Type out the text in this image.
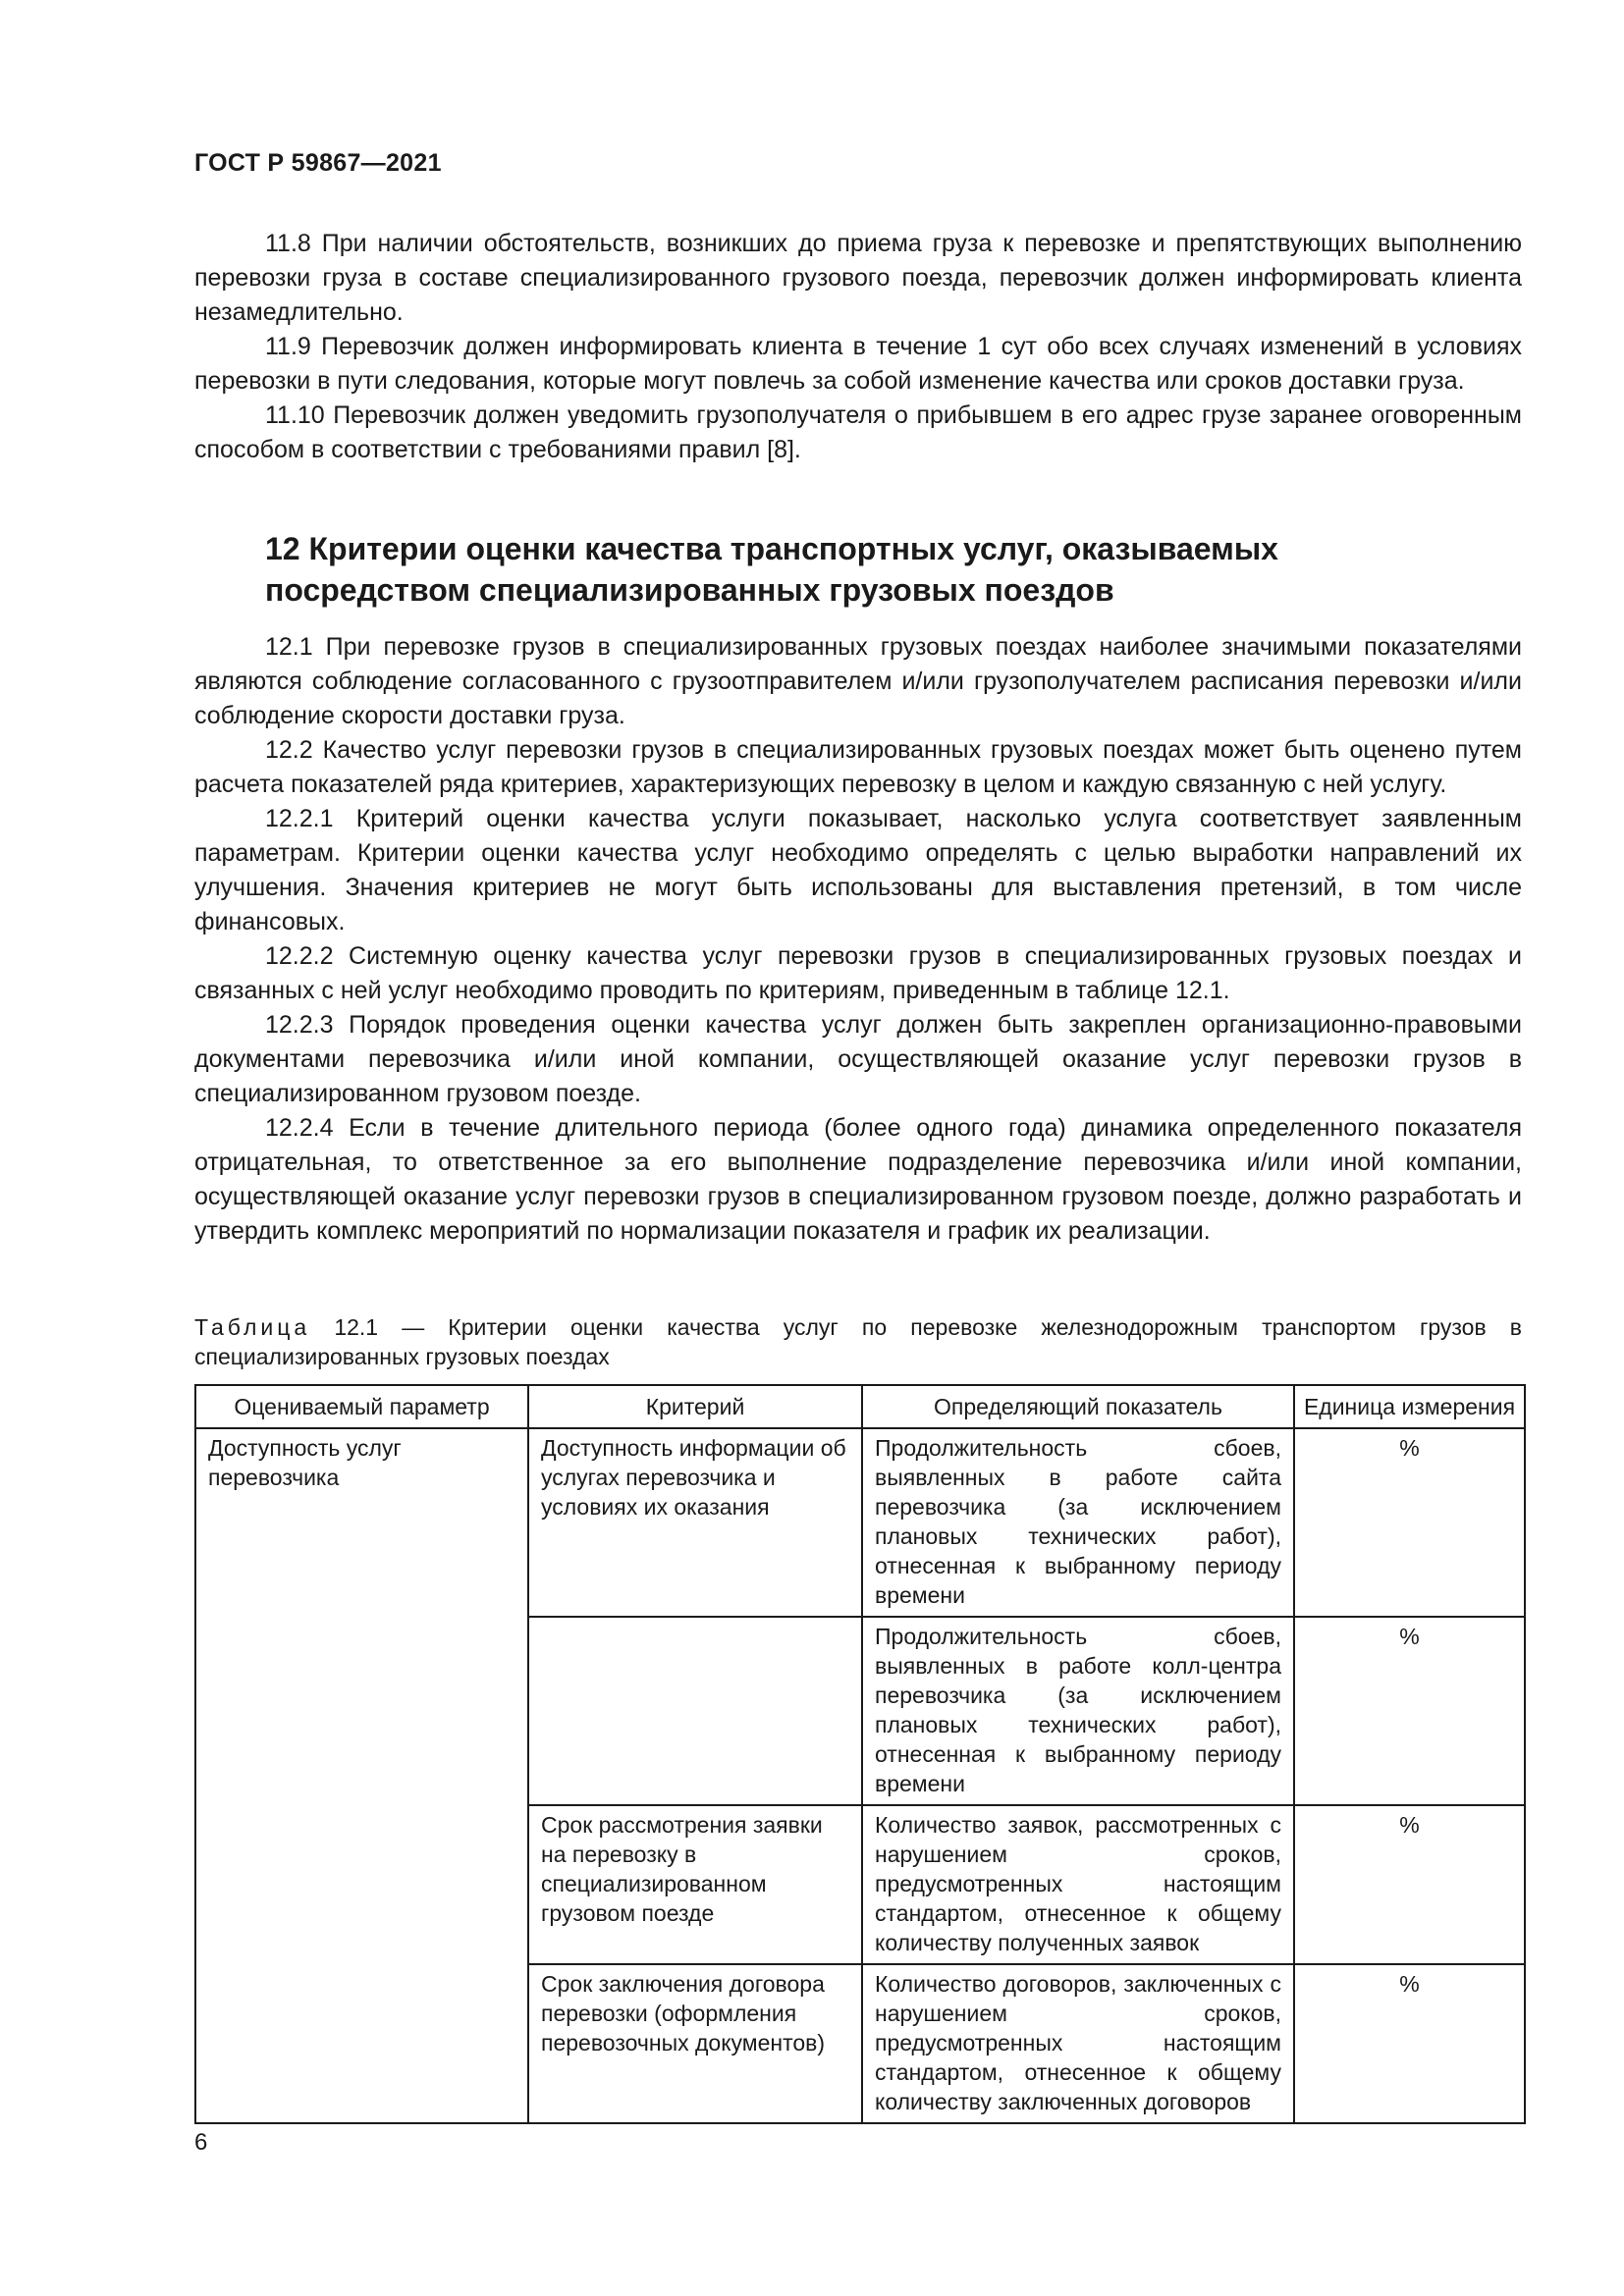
ГОСТ Р 59867—2021

11.8 При наличии обстоятельств, возникших до приема груза к перевозке и препятствующих выполнению перевозки груза в составе специализированного грузового поезда, перевозчик должен информировать клиента незамедлительно.

11.9 Перевозчик должен информировать клиента в течение 1 сут обо всех случаях изменений в условиях перевозки в пути следования, которые могут повлечь за собой изменение качества или сроков доставки груза.

11.10 Перевозчик должен уведомить грузополучателя о прибывшем в его адрес грузе заранее оговоренным способом в соответствии с требованиями правил [8].

12 Критерии оценки качества транспортных услуг, оказываемых
посредством специализированных грузовых поездов

12.1 При перевозке грузов в специализированных грузовых поездах наиболее значимыми показателями являются соблюдение согласованного с грузоотправителем и/или грузополучателем расписания перевозки и/или соблюдение скорости доставки груза.

12.2 Качество услуг перевозки грузов в специализированных грузовых поездах может быть оценено путем расчета показателей ряда критериев, характеризующих перевозку в целом и каждую связанную с ней услугу.

12.2.1 Критерий оценки качества услуги показывает, насколько услуга соответствует заявленным параметрам. Критерии оценки качества услуг необходимо определять с целью выработки направлений их улучшения. Значения критериев не могут быть использованы для выставления претензий, в том числе финансовых.

12.2.2 Системную оценку качества услуг перевозки грузов в специализированных грузовых поездах и связанных с ней услуг необходимо проводить по критериям, приведенным в таблице 12.1.

12.2.3 Порядок проведения оценки качества услуг должен быть закреплен организационно-правовыми документами перевозчика и/или иной компании, осуществляющей оказание услуг перевозки грузов в специализированном грузовом поезде.

12.2.4 Если в течение длительного периода (более одного года) динамика определенного показателя отрицательная, то ответственное за его выполнение подразделение перевозчика и/или иной компании, осуществляющей оказание услуг перевозки грузов в специализированном грузовом поезде, должно разработать и утвердить комплекс мероприятий по нормализации показателя и график их реализации.

Таблица 12.1 — Критерии оценки качества услуг по перевозке железнодорожным транспортом грузов в специализированных грузовых поездах
Оцениваемый параметр	Критерий	Определяющий показатель	Единица измерения
Доступность услуг перевозчика	Доступность информации об услугах перевозчика и условиях их оказания	Продолжительность сбоев, выявленных в работе сайта перевозчика (за исключением плановых технических работ), отнесенная к выбранному периоду времени	%
		Продолжительность сбоев, выявленных в работе колл-центра перевозчика (за исключением плановых технических работ), отнесенная к выбранному периоду времени	%
	Срок рассмотрения заявки на перевозку в специализированном грузовом поезде	Количество заявок, рассмотренных с нарушением сроков, предусмотренных настоящим стандартом, отнесенное к общему количеству полученных заявок	%
	Срок заключения договора перевозки (оформления перевозочных документов)	Количество договоров, заключенных с нарушением сроков, предусмотренных настоящим стандартом, отнесенное к общему количеству заключенных договоров	%
6
